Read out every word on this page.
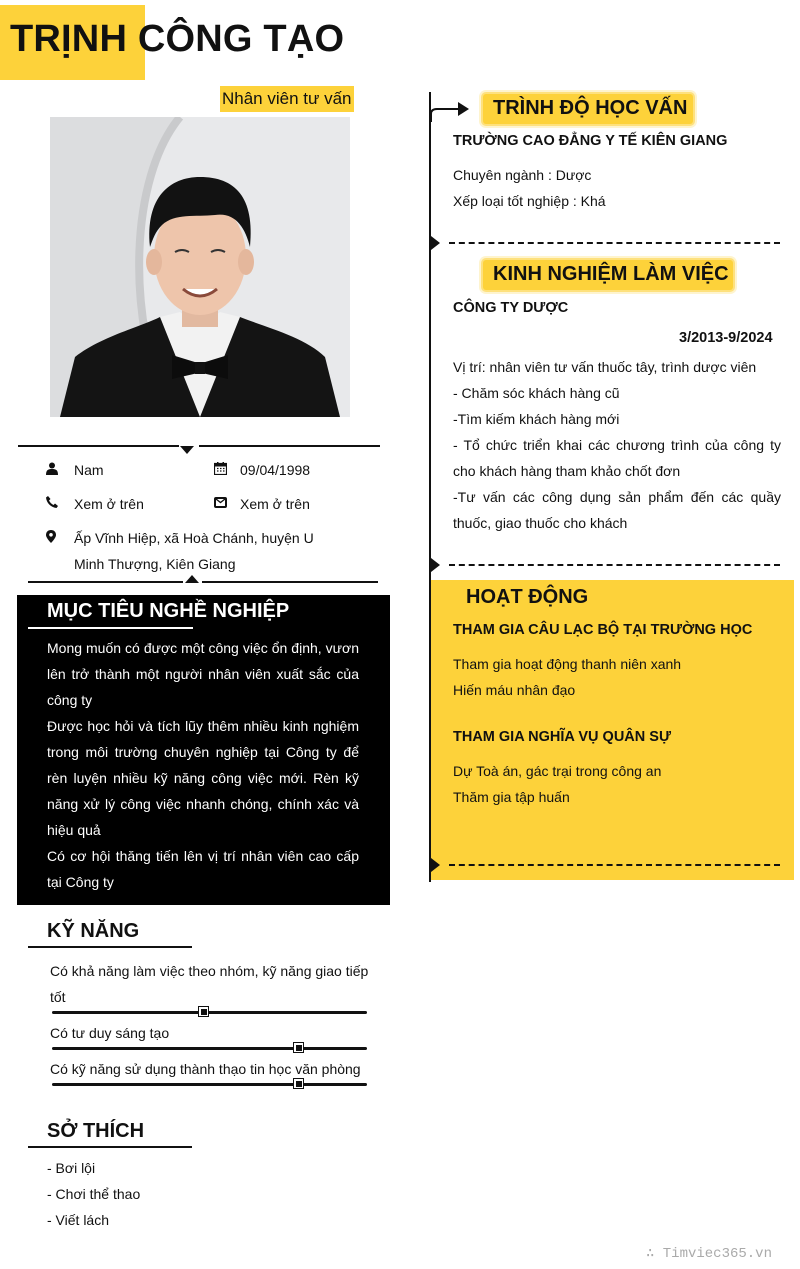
TRỊNH CÔNG TẠO
Nhân viên tư vấn
Nam	09/04/1998
Xem ở trên	Xem ở trên
Ấp Vĩnh Hiệp, xã Hoà Chánh, huyện U
Minh Thượng, Kiên Giang
MỤC TIÊU NGHỀ NGHIỆP
Mong muốn có được một công việc ổn định, vươn lên trở thành một người nhân viên xuất sắc của công ty
Được học hỏi và tích lũy thêm nhiều kinh nghiệm trong môi trường chuyên nghiệp tại Công ty để rèn luyện nhiều kỹ năng công việc mới. Rèn kỹ năng xử lý công việc nhanh chóng, chính xác và hiệu quả
Có cơ hội thăng tiến lên vị trí nhân viên cao cấp tại Công ty
KỸ NĂNG
Có khả năng làm việc theo nhóm, kỹ năng giao tiếp tốt
Có tư duy sáng tạo
Có kỹ năng sử dụng thành thạo tin học văn phòng
SỞ THÍCH
- Bơi lội
- Chơi thể thao
- Viết lách
TRÌNH ĐỘ HỌC VẤN
TRƯỜNG CAO ĐẲNG Y TẾ KIÊN GIANG
Chuyên ngành : Dược
Xếp loại tốt nghiệp : Khá
KINH NGHIỆM LÀM VIỆC
CÔNG TY DƯỢC
3/2013-9/2024
Vị trí: nhân viên tư vấn thuốc tây, trình dược viên
- Chăm sóc khách hàng cũ
-Tìm kiếm khách hàng mới
- Tổ chức triển khai các chương trình của công ty cho khách hàng tham khảo chốt đơn
-Tư vấn các công dụng sản phẩm đến các quầy thuốc, giao thuốc cho khách
HOẠT ĐỘNG
THAM GIA CÂU LẠC BỘ TẠI TRƯỜNG HỌC
Tham gia hoạt động thanh niên xanh
Hiến máu nhân đạo
THAM GIA NGHĨA VỤ QUÂN SỰ
Dự Toà án, gác trại trong công an
Thăm gia tập huấn
∴ Timviec365.vn
